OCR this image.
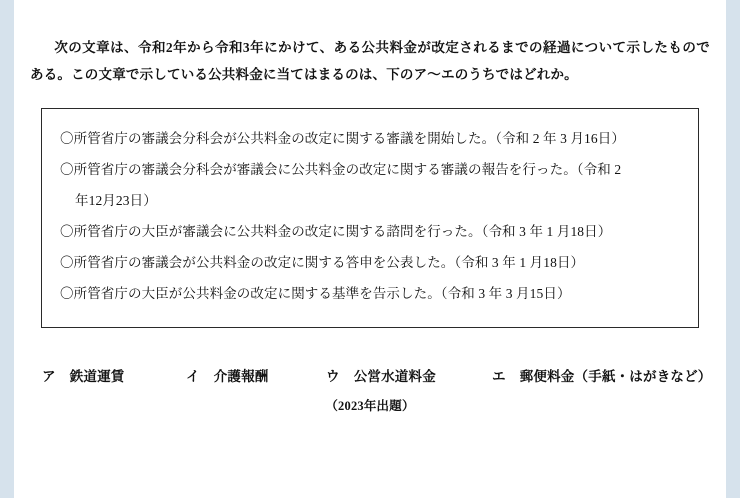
次の文章は、令和2年から令和3年にかけて、ある公共料金が改定されるまでの経過について示したものである。この文章で示している公共料金に当てはまるのは、下のア～エのうちではどれか。
〇所管省庁の審議会分科会が公共料金の改定に関する審議を開始した。（令和 2 年 3 月16日）
〇所管省庁の審議会分科会が審議会に公共料金の改定に関する審議の報告を行った。（令和 2
年12月23日）
〇所管省庁の大臣が審議会に公共料金の改定に関する諮問を行った。（令和 3 年 1 月18日）
〇所管省庁の審議会が公共料金の改定に関する答申を公表した。（令和 3 年 1 月18日）
〇所管省庁の大臣が公共料金の改定に関する基準を告示した。（令和 3 年 3 月15日）
ア 鉄道運賃	イ 介護報酬	ウ 公営水道料金	エ 郵便料金（手紙・はがきなど）
（2023年出題）
